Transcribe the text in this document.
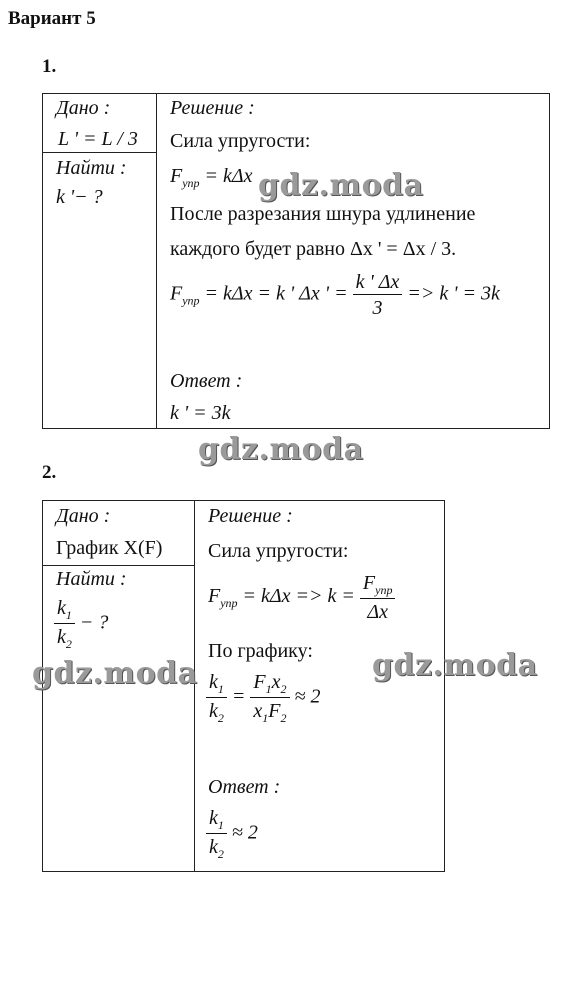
Вариант 5
1.
Дано :
L ' = L / 3
Найти :
k '− ?
Решение :
Сила упругости:
$F_{упр} = k\Delta x$
После разрезания шнура удлинение
каждого будет равно Δx ' = Δx / 3.
$F_{упр} = k\Delta x = k$ ' Δx ' = $\frac{k ' \Delta x}{3} => k$ ' = 3k
Ответ :
k ' = 3k
gdz.moda
gdz.moda
2.
Дано :
График X(F)
Найти :
$\frac{k_1}{k_2}$ − ?
Решение :
Сила упругости:
$F_{упр} = k\Delta x => k = \frac{F_{упр}}{\Delta x}$
По графику:
$\frac{k_1}{k_2} = \frac{F_1x_2}{x_1F_2} \approx 2$
Ответ :
$\frac{k_1}{k_2} \approx 2$
gdz.moda	gdz.moda
